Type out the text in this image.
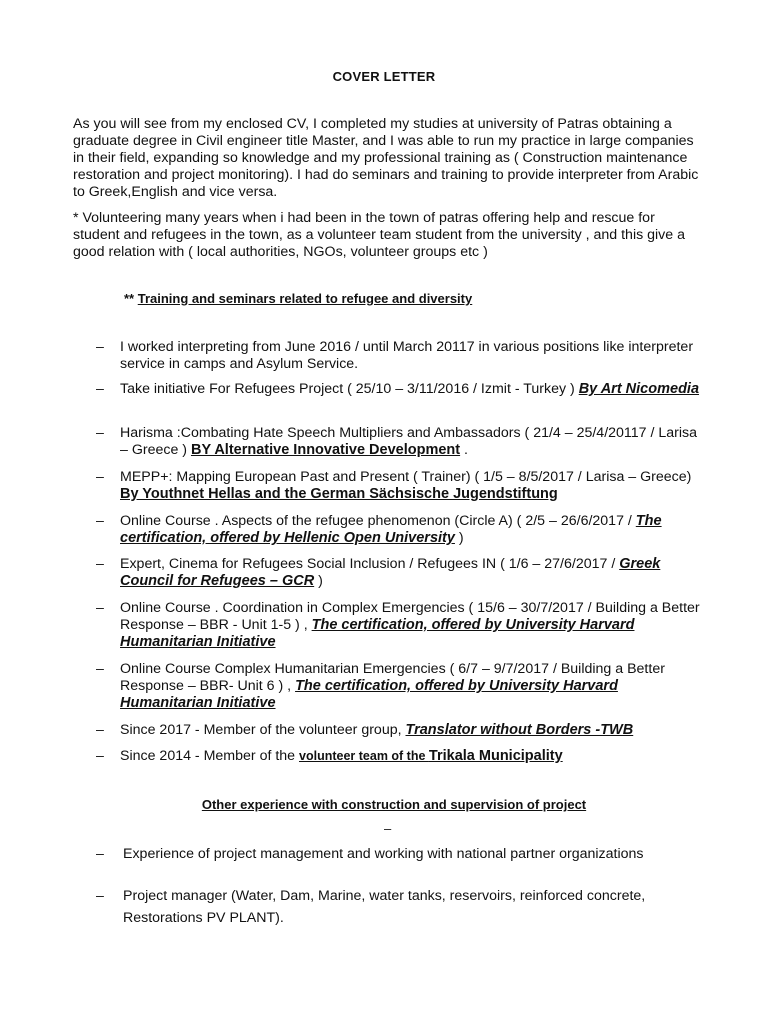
COVER LETTER
As you will see from my enclosed CV, I completed my studies at university of Patras obtaining a graduate degree in Civil engineer title Master, and I was able to run my practice in large companies in their field, expanding so knowledge and my professional training as ( Construction maintenance restoration and project monitoring). I had do seminars and training to provide interpreter from Arabic to Greek,English and vice versa.
* Volunteering many years when i had been in the town of patras offering help and rescue for student and refugees in the town, as a volunteer team student from the university , and this give a good relation with ( local authorities, NGOs, volunteer groups etc )
** Training and seminars related to refugee and diversity
– I worked interpreting from June 2016 / until March 20117 in various positions like interpreter service in camps and Asylum Service.
– Take initiative For Refugees Project ( 25/10 – 3/11/2016 / Izmit - Turkey ) By Art Nicomedia
– Harisma :Combating Hate Speech Multipliers and Ambassadors ( 21/4 – 25/4/20117 / Larisa – Greece ) BY Alternative Innovative Development .
– MEPP+: Mapping European Past and Present ( Trainer) ( 1/5 – 8/5/2017 / Larisa – Greece) By Youthnet Hellas and the German Sächsische Jugendstiftung
– Online Course . Aspects of the refugee phenomenon (Circle A) ( 2/5 – 26/6/2017 / The certification, offered by Hellenic Open University )
– Expert, Cinema for Refugees Social Inclusion / Refugees IN ( 1/6 – 27/6/2017 / Greek Council for Refugees – GCR )
– Online Course . Coordination in Complex Emergencies ( 15/6 – 30/7/2017 / Building a Better Response – BBR - Unit 1-5 ) , The certification, offered by University Harvard Humanitarian Initiative
– Online Course Complex Humanitarian Emergencies ( 6/7 – 9/7/2017 / Building a Better Response – BBR- Unit 6 ) , The certification, offered by University Harvard Humanitarian Initiative
– Since 2017 - Member of the volunteer group, Translator without Borders -TWB
– Since 2014 - Member of the volunteer team of the Trikala Municipality
Other experience with construction and supervision of project
–
– Experience of project management and working with national partner organizations
– Project manager (Water, Dam, Marine, water tanks, reservoirs, reinforced concrete, Restorations PV PLANT).
